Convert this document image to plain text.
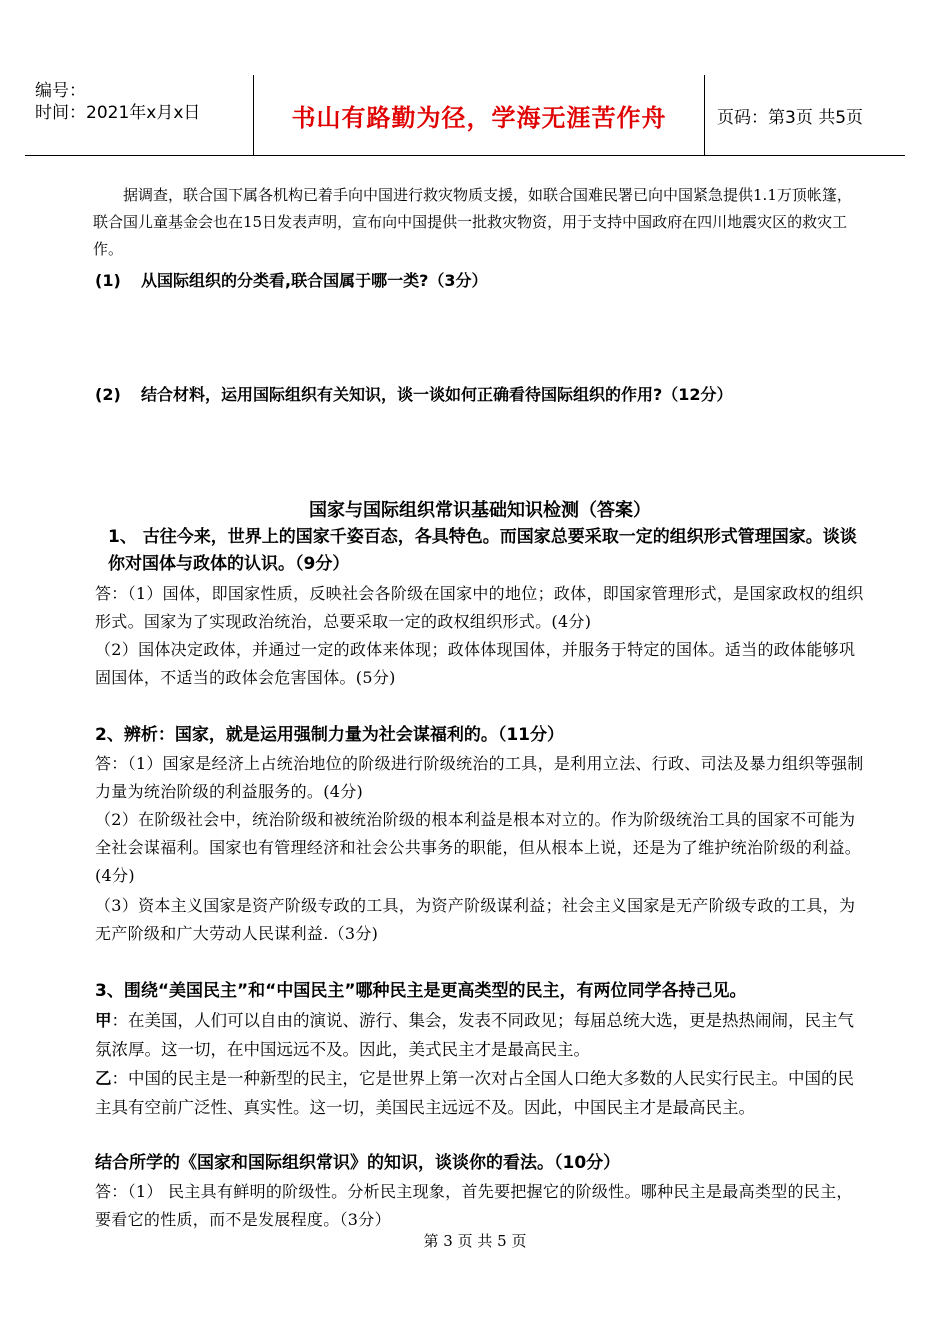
编号：
时间：2021年x月x日	书山有路勤为径，学海无涯苦作舟	页码：第3页 共5页
据调查，联合国下属各机构已着手向中国进行救灾物质支援，如联合国难民署已向中国紧急提供1.1万顶帐篷，联合国儿童基金会也在15日发表声明，宣布向中国提供一批救灾物资，用于支持中国政府在四川地震灾区的救灾工作。
(1) 从国际组织的分类看,联合国属于哪一类?（3分）
(2) 结合材料，运用国际组织有关知识，谈一谈如何正确看待国际组织的作用?（12分）
国家与国际组织常识基础知识检测（答案）
1、 古往今来，世界上的国家千姿百态，各具特色。而国家总要采取一定的组织形式管理国家。谈谈你对国体与政体的认识。（9分）
答：（1）国体，即国家性质，反映社会各阶级在国家中的地位；政体，即国家管理形式，是国家政权的组织形式。国家为了实现政治统治，总要采取一定的政权组织形式。(4分)
（2）国体决定政体，并通过一定的政体来体现；政体体现国体，并服务于特定的国体。适当的政体能够巩固国体，不适当的政体会危害国体。(5分)
2、辨析：国家，就是运用强制力量为社会谋福利的。（11分）
答：（1）国家是经济上占统治地位的阶级进行阶级统治的工具，是利用立法、行政、司法及暴力组织等强制力量为统治阶级的利益服务的。(4分)
（2）在阶级社会中，统治阶级和被统治阶级的根本利益是根本对立的。作为阶级统治工具的国家不可能为全社会谋福利。国家也有管理经济和社会公共事务的职能，但从根本上说，还是为了维护统治阶级的利益。(4分)
（3）资本主义国家是资产阶级专政的工具，为资产阶级谋利益；社会主义国家是无产阶级专政的工具，为无产阶级和广大劳动人民谋利益.（3分)
3、围绕“美国民主”和“中国民主”哪种民主是更高类型的民主，有两位同学各持己见。
甲：在美国，人们可以自由的演说、游行、集会，发表不同政见；每届总统大选，更是热热闹闹，民主气氛浓厚。这一切，在中国远远不及。因此，美式民主才是最高民主。
乙：中国的民主是一种新型的民主，它是世界上第一次对占全国人口绝大多数的人民实行民主。中国的民主具有空前广泛性、真实性。这一切，美国民主远远不及。因此，中国民主才是最高民主。
结合所学的《国家和国际组织常识》的知识，谈谈你的看法。（10分）
答：（1） 民主具有鲜明的阶级性。分析民主现象，首先要把握它的阶级性。哪种民主是最高类型的民主，要看它的性质，而不是发展程度。（3分）
第 3 页 共 5 页
